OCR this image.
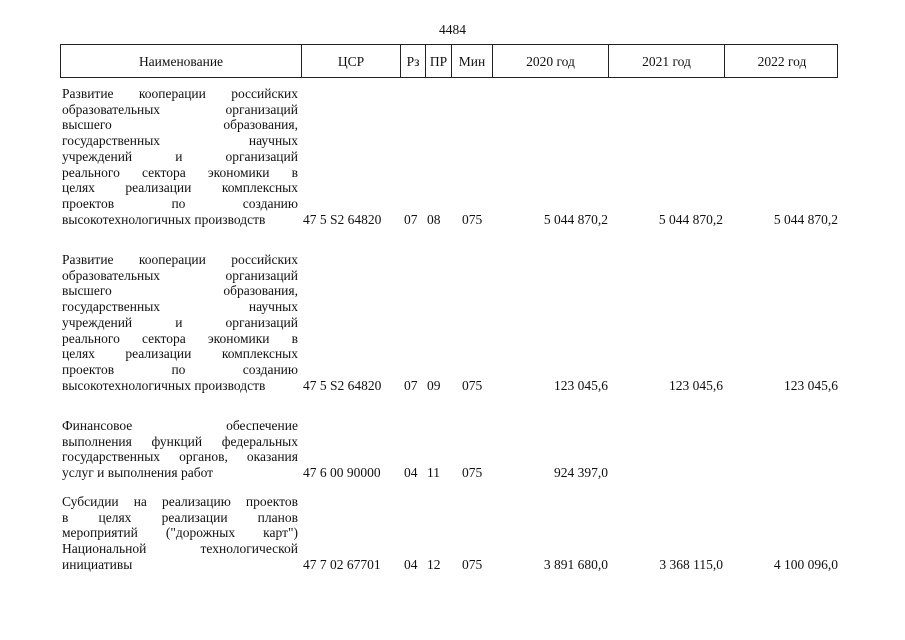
4484
Наименование	ЦСР	Рз ПР Мин	2020 год	2021 год	2022 год
Развитие кооперации российских
образовательных организаций
высшего образования,
государственных научных
учреждений и организаций
реального сектора экономики в
целях реализации комплексных
проектов по созданию
высокотехнологичных производств	47 5 S2 64820 07 08 075	5 044 870,2	5 044 870,2	5 044 870,2
Развитие кооперации российских
образовательных организаций
высшего образования,
государственных научных
учреждений и организаций
реального сектора экономики в
целях реализации комплексных
проектов по созданию
высокотехнологичных производств	47 5 S2 64820 07 09 075	123 045,6	123 045,6	123 045,6
Финансовое обеспечение
выполнения функций федеральных
государственных органов, оказания
услуг и выполнения работ	47 6 00 90000 04 11 075	924 397,0
Субсидии на реализацию проектов
в целях реализации планов
мероприятий ("дорожных карт")
Национальной технологической
инициативы	47 7 02 67701 04 12 075	3 891 680,0	3 368 115,0	4 100 096,0
